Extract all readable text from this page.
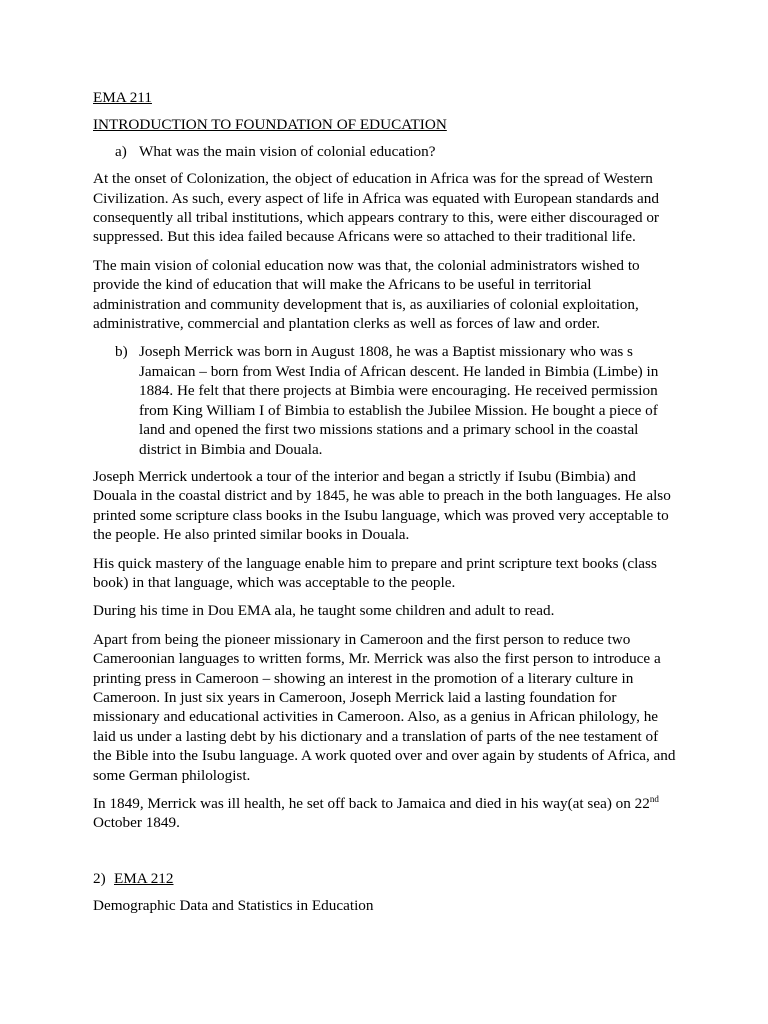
EMA 211

INTRODUCTION TO FOUNDATION OF EDUCATION

a) What was the main vision of colonial education?

At the onset of Colonization, the object of education in Africa was for the spread of Western Civilization. As such, every aspect of life in Africa was equated with European standards and consequently all tribal institutions, which appears contrary to this, were either discouraged or suppressed. But this idea failed because Africans were so attached to their traditional life.

The main vision of colonial education now was that, the colonial administrators wished to provide the kind of education that will make the Africans to be useful in territorial administration and community development that is, as auxiliaries of colonial exploitation, administrative, commercial and plantation clerks as well as forces of law and order.

b) Joseph Merrick was born in August 1808, he was a Baptist missionary who was s Jamaican – born from West India of African descent. He landed in Bimbia (Limbe) in 1884. He felt that there projects at Bimbia were encouraging. He received permission from King William I of Bimbia to establish the Jubilee Mission. He bought a piece of land and opened the first two missions stations and a primary school in the coastal district in Bimbia and Douala.

Joseph Merrick undertook a tour of the interior and began a strictly if Isubu (Bimbia) and Douala in the coastal district and by 1845, he was able to preach in the both languages. He also printed some scripture class books in the Isubu language, which was proved very acceptable to the people. He also printed similar books in Douala.

His quick mastery of the language enable him to prepare and print scripture text books (class book) in that language, which was acceptable to the people.

During his time in Dou EMA ala, he taught some children and adult to read.

Apart from being the pioneer missionary in Cameroon and the first person to reduce two Cameroonian languages to written forms, Mr. Merrick was also the first person to introduce a printing press in Cameroon – showing an interest in the promotion of a literary culture in Cameroon. In just six years in Cameroon, Joseph Merrick laid a lasting foundation for missionary and educational activities in Cameroon. Also, as a genius in African philology, he laid us under a lasting debt by his dictionary and a translation of parts of the nee testament of the Bible into the Isubu language. A work quoted over and over again by students of Africa, and some German philologist.

In 1849, Merrick was ill health, he set off back to Jamaica and died in his way(at sea) on 22nd October 1849.

2) EMA 212

Demographic Data and Statistics in Education
